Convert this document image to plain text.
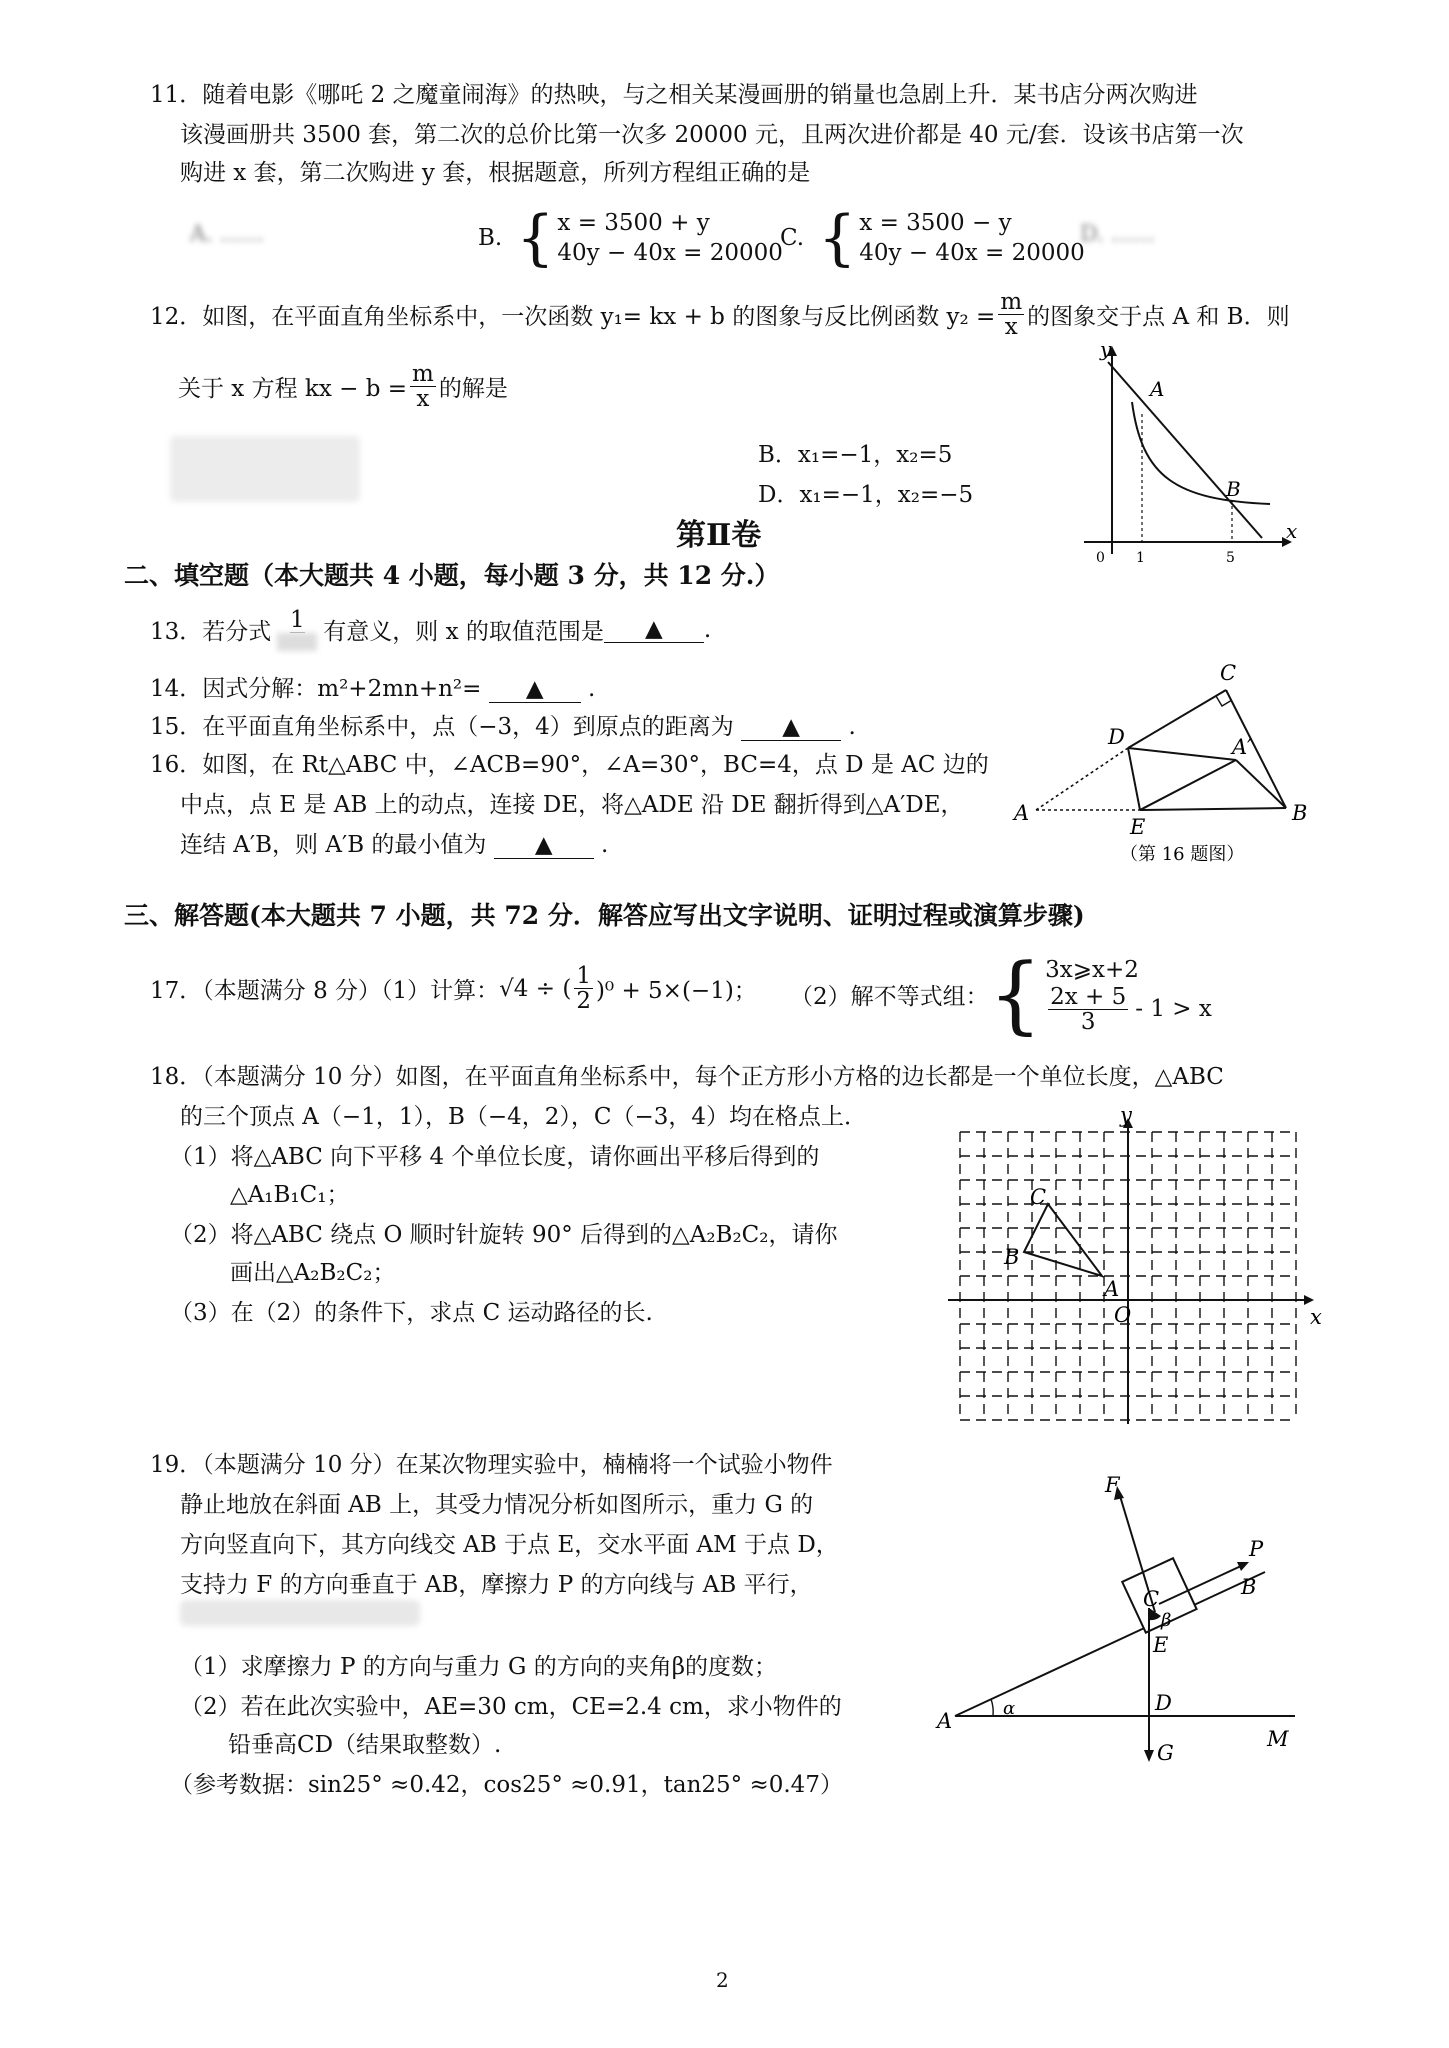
11．随着电影《哪吒 2 之魔童闹海》的热映，与之相关某漫画册的销量也急剧上升．某书店分两次购进
该漫画册共 3500 套，第二次的总价比第一次多 20000 元，且两次进价都是 40 元/套．设该书店第一次
购进 x 套，第二次购进 y 套，根据题意，所列方程组正确的是
A. ……	B. { x = 3500 + y
40y − 40x = 20000
C. { x = 3500 − y
40y − 40x = 20000
D. ……
12．如图，在平面直角坐标系中，一次函数 y₁= kx + b 的图象与反比例函数 $y_2 = \frac{m}{x}$ 的图象交于点 A 和 B．则
关于 x 方程 kx − $b = \frac{m}{x}$ 的解是
B．x₁=−1，x₂=5
D．x₁=−1，x₂=−5
y
x
A
B
1	5
0
第Ⅱ卷
二、填空题（本大题共 4 小题，每小题 3 分，共 12 分.）
13．若分式 1 有意义，则 x 的取值范围是	▲	.
14．因式分解：m²+2mn+n²= ▲ .
15．在平面直角坐标系中，点（−3，4）到原点的距离为 ▲ .
16．如图，在 Rt△ABC 中，∠ACB=90°，∠A=30°，BC=4，点 D 是 AC 边的
中点，点 E 是 AB 上的动点，连接 DE，将△ADE 沿 DE 翻折得到△A′DE，
连结 A′B，则 A′B 的最小值为 ▲ .
A	B
C
D
E
A′
（第 16 题图）
三、解答题(本大题共 7 小题，共 72 分．解答应写出文字说明、证明过程或演算步骤)
17．（本题满分 8 分）（1）计算： √4 ÷ ( $\frac{1}{2} )^0 + 5\times(-1)$； （2）解不等式组： { 3x⩾x+2
$\frac{2x + 5}{3} - 1 > x$
18．（本题满分 10 分）如图，在平面直角坐标系中，每个正方形小方格的边长都是一个单位长度，△ABC
的三个顶点 A（−1，1），B（−4，2），C（−3，4）均在格点上．
（1）将△ABC 向下平移 4 个单位长度，请你画出平移后得到的
△A₁B₁C₁；
（2）将△ABC 绕点 O 顺时针旋转 90° 后得到的△A₂B₂C₂，请你
画出△A₂B₂C₂；
（3）在（2）的条件下，求点 C 运动路径的长.
y
x
O
A
B
C
19．（本题满分 10 分）在某次物理实验中，楠楠将一个试验小物件
静止地放在斜面 AB 上，其受力情况分析如图所示，重力 G 的
方向竖直向下，其方向线交 AB 于点 E，交水平面 AM 于点 D，
支持力 F 的方向垂直于 AB，摩擦力 P 的方向线与 AB 平行，
（1）求摩擦力 P 的方向与重力 G 的方向的夹角β的度数；
（2）若在此次实验中，AE=30 cm，CE=2.4 cm，求小物件的
铅垂高CD（结果取整数）.
（参考数据：sin25° ≈0.42，cos25° ≈0.91，tan25° ≈0.47）
F
P
B
C
β
E
D
A
α
G
M
2
